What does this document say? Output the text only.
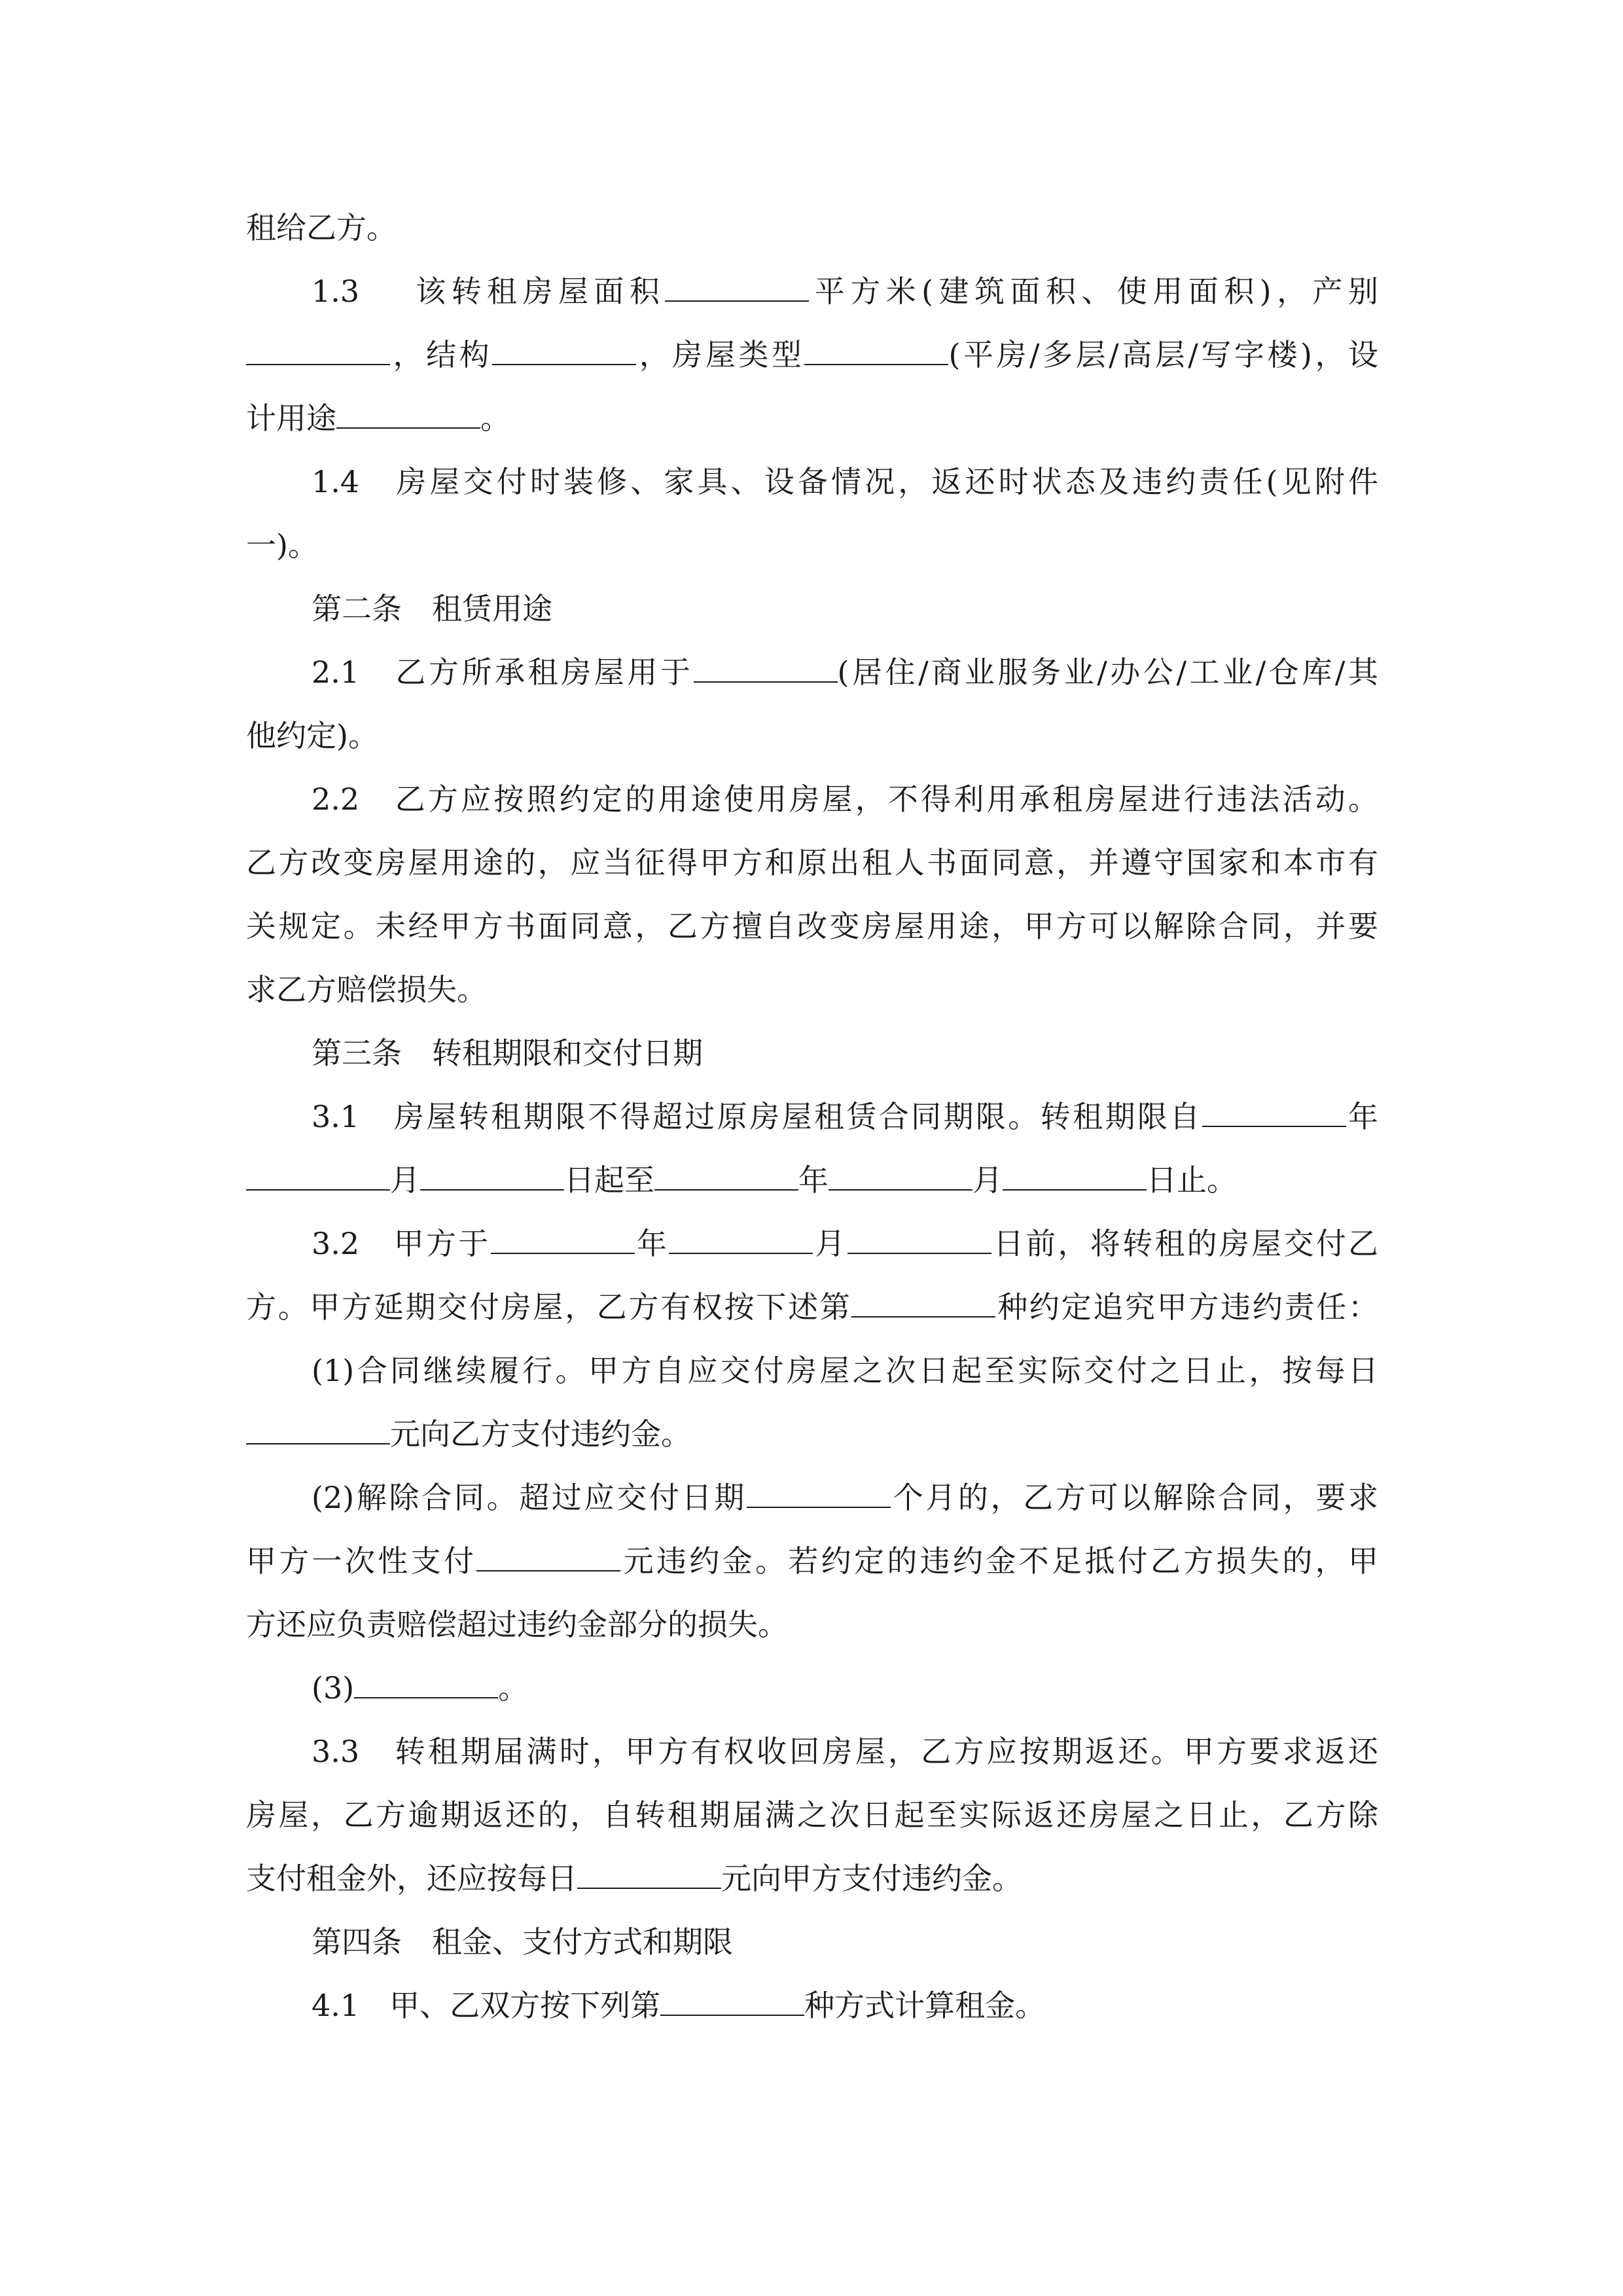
租给乙方。
1.3　 该转租房屋面积	平方米(建筑面积、使用面积)，产别
，结构	，房屋类型	(平房/多层/高层/写字楼)，设
计用途	。
1.4　房屋交付时装修、家具、设备情况，返还时状态及违约责任(见附件
一)。
第二条　租赁用途
2.1　乙方所承租房屋用于	(居住/商业服务业/办公/工业/仓库/其
他约定)。
2.2　乙方应按照约定的用途使用房屋，不得利用承租房屋进行违法活动。
乙方改变房屋用途的，应当征得甲方和原出租人书面同意，并遵守国家和本市有
关规定。未经甲方书面同意，乙方擅自改变房屋用途，甲方可以解除合同，并要
求乙方赔偿损失。
第三条　转租期限和交付日期
3.1　房屋转租期限不得超过原房屋租赁合同期限。转租期限自	年
月	日起至	年	月	日止。
3.2　甲方于	年	月	日前，将转租的房屋交付乙
方。甲方延期交付房屋，乙方有权按下述第	种约定追究甲方违约责任：
(1)合同继续履行。甲方自应交付房屋之次日起至实际交付之日止，按每日
元向乙方支付违约金。
(2)解除合同。超过应交付日期	个月的，乙方可以解除合同，要求
甲方一次性支付	元违约金。若约定的违约金不足抵付乙方损失的，甲
方还应负责赔偿超过违约金部分的损失。
(3)	。
3.3　转租期届满时，甲方有权收回房屋，乙方应按期返还。甲方要求返还
房屋，乙方逾期返还的，自转租期届满之次日起至实际返还房屋之日止，乙方除
支付租金外，还应按每日	元向甲方支付违约金。
第四条　租金、支付方式和期限
4.1　甲、乙双方按下列第	种方式计算租金。
